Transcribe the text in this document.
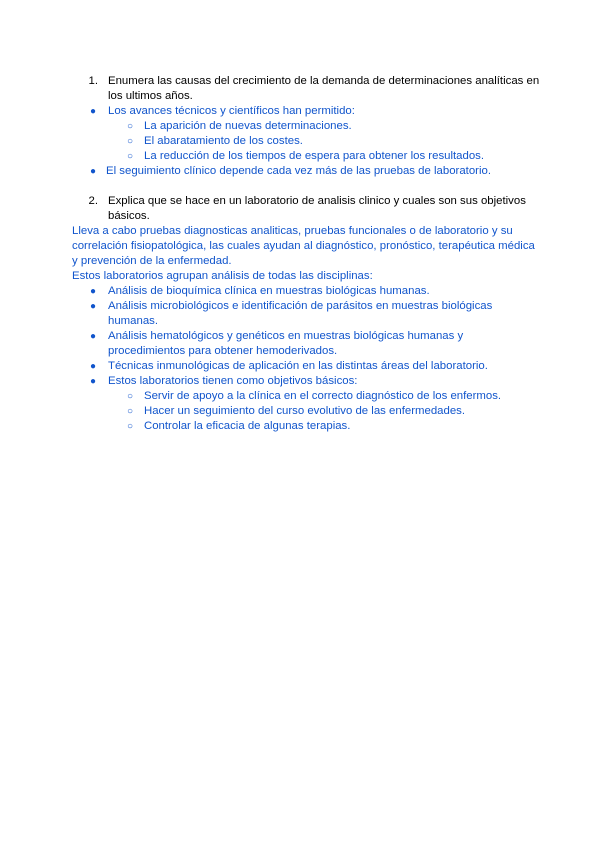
1. Enumera las causas del crecimiento de la demanda de determinaciones analíticas en
los ultimos años.
● Los avances técnicos y científicos han permitido:
○ La aparición de nuevas determinaciones.
○ El abaratamiento de los costes.
○ La reducción de los tiempos de espera para obtener los resultados.
● El seguimiento clínico depende cada vez más de las pruebas de laboratorio.
2. Explica que se hace en un laboratorio de analisis clinico y cuales son sus objetivos
básicos.
Lleva a cabo pruebas diagnosticas analiticas, pruebas funcionales o de laboratorio y su
correlación fisiopatológica, las cuales ayudan al diagnóstico, pronóstico, terapéutica médica
y prevención de la enfermedad.
Estos laboratorios agrupan análisis de todas las disciplinas:
● Análisis de bioquímica clínica en muestras biológicas humanas.
● Análisis microbiológicos e identificación de parásitos en muestras biológicas
humanas.
● Análisis hematológicos y genéticos en muestras biológicas humanas y
procedimientos para obtener hemoderivados.
● Técnicas inmunológicas de aplicación en las distintas áreas del laboratorio.
● Estos laboratorios tienen como objetivos básicos:
○ Servir de apoyo a la clínica en el correcto diagnóstico de los enfermos.
○ Hacer un seguimiento del curso evolutivo de las enfermedades.
○ Controlar la eficacia de algunas terapias.
